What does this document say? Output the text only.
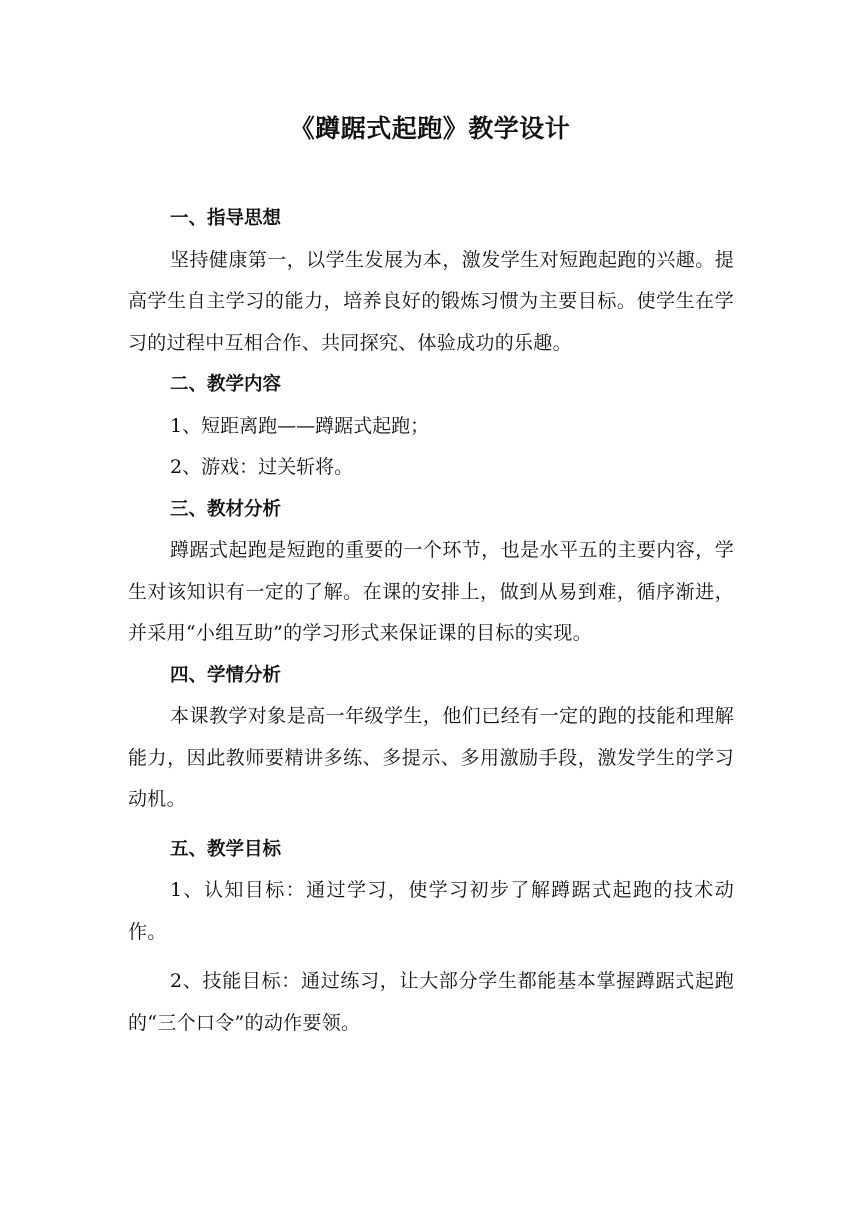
《蹲踞式起跑》教学设计

一、指导思想

坚持健康第一，以学生发展为本，激发学生对短跑起跑的兴趣。提高学生自主学习的能力，培养良好的锻炼习惯为主要目标。使学生在学习的过程中互相合作、共同探究、体验成功的乐趣。

二、教学内容

1、短距离跑——蹲踞式起跑；

2、游戏：过关斩将。

三、教材分析

蹲踞式起跑是短跑的重要的一个环节，也是水平五的主要内容，学生对该知识有一定的了解。在课的安排上，做到从易到难，循序渐进，并采用“小组互助”的学习形式来保证课的目标的实现。

四、学情分析

本课教学对象是高一年级学生，他们已经有一定的跑的技能和理解能力，因此教师要精讲多练、多提示、多用激励手段，激发学生的学习动机。

五、教学目标

1、认知目标：通过学习，使学习初步了解蹲踞式起跑的技术动作。

2、技能目标：通过练习，让大部分学生都能基本掌握蹲踞式起跑的“三个口令”的动作要领。
